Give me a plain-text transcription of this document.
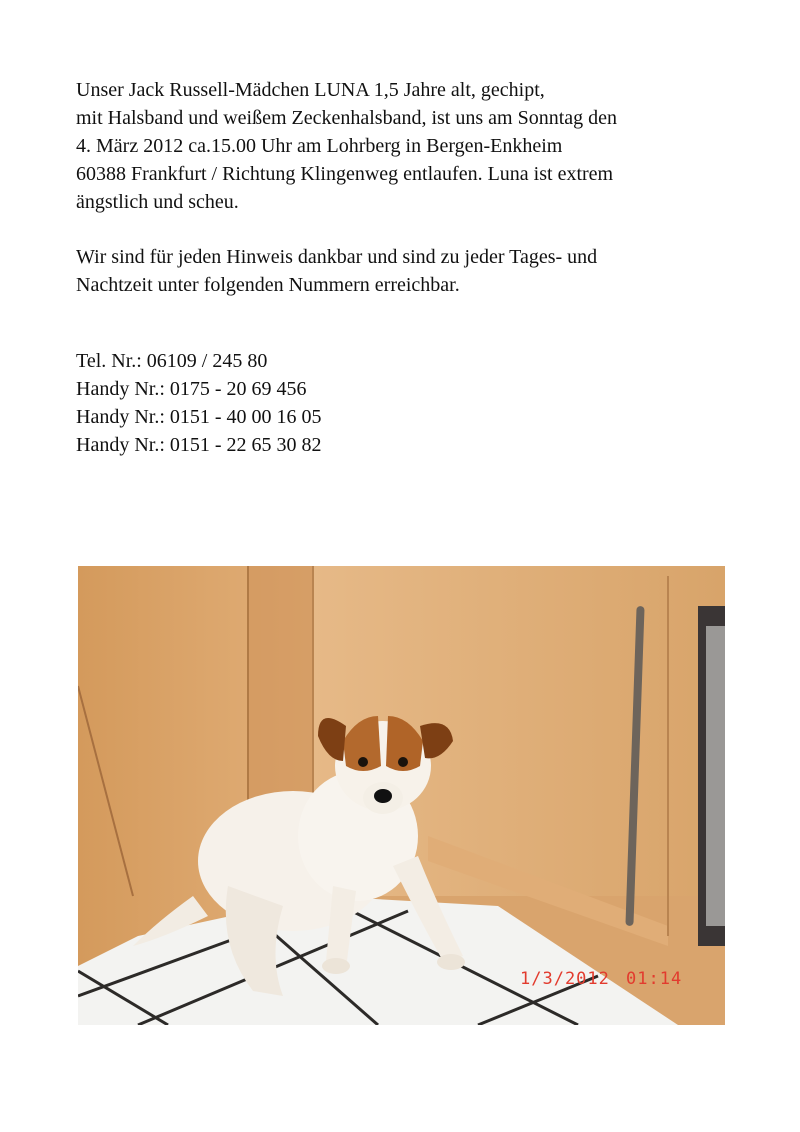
Unser Jack Russell-Mädchen LUNA 1,5 Jahre alt, gechipt,
mit Halsband und weißem Zeckenhalsband, ist uns am Sonntag den
4. März 2012 ca.15.00 Uhr am Lohrberg in Bergen-Enkheim
60388 Frankfurt / Richtung Klingenweg entlaufen. Luna ist extrem
ängstlich und scheu.
Wir sind für jeden Hinweis dankbar und sind zu jeder Tages- und
Nachtzeit unter folgenden Nummern erreichbar.
Tel. Nr.: 06109 / 245 80
Handy Nr.: 0175 - 20 69 456
Handy Nr.: 0151 - 40 00 16 05
Handy Nr.: 0151 - 22 65 30 82
1/3/2012 01:14
